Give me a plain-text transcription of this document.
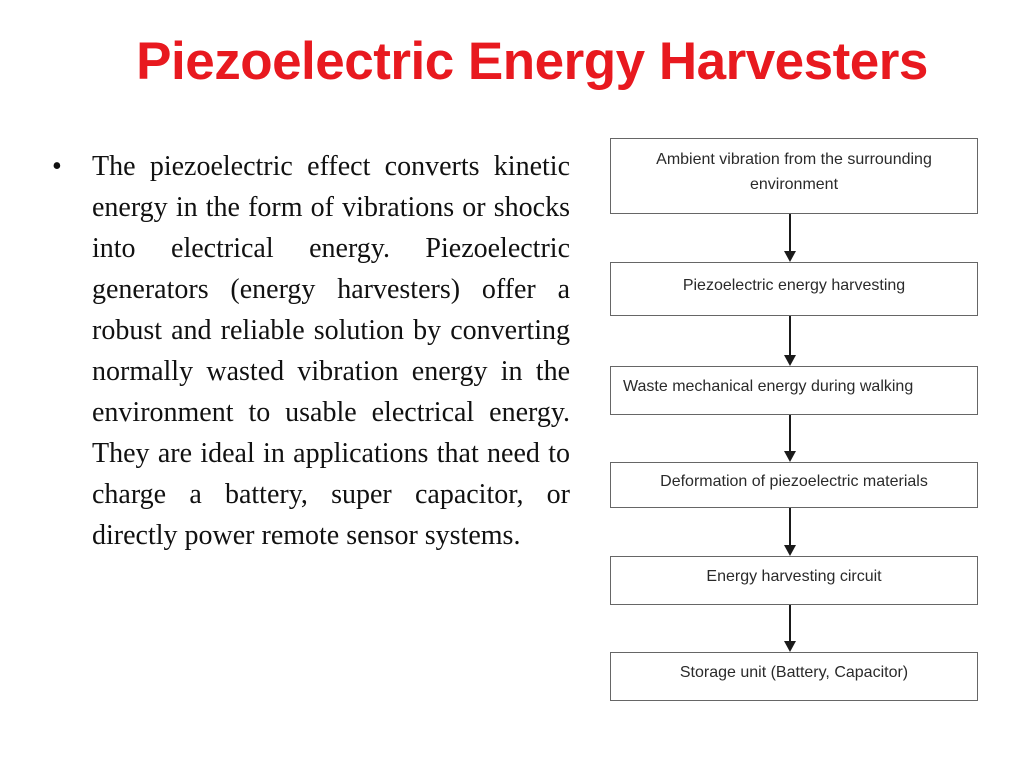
Piezoelectric Energy Harvesters
• The piezoelectric effect converts kinetic energy in the form of vibrations or shocks into electrical energy. Piezoelectric generators (energy harvesters) offer a robust and reliable solution by converting normally wasted vibration energy in the environment to usable electrical energy. They are ideal in applications that need to charge a battery, super capacitor, or directly power remote sensor systems.

Ambient vibration from the surrounding environment
Piezoelectric energy harvesting
Waste mechanical energy during walking
Deformation of piezoelectric materials
Energy harvesting circuit
Storage unit (Battery, Capacitor)
